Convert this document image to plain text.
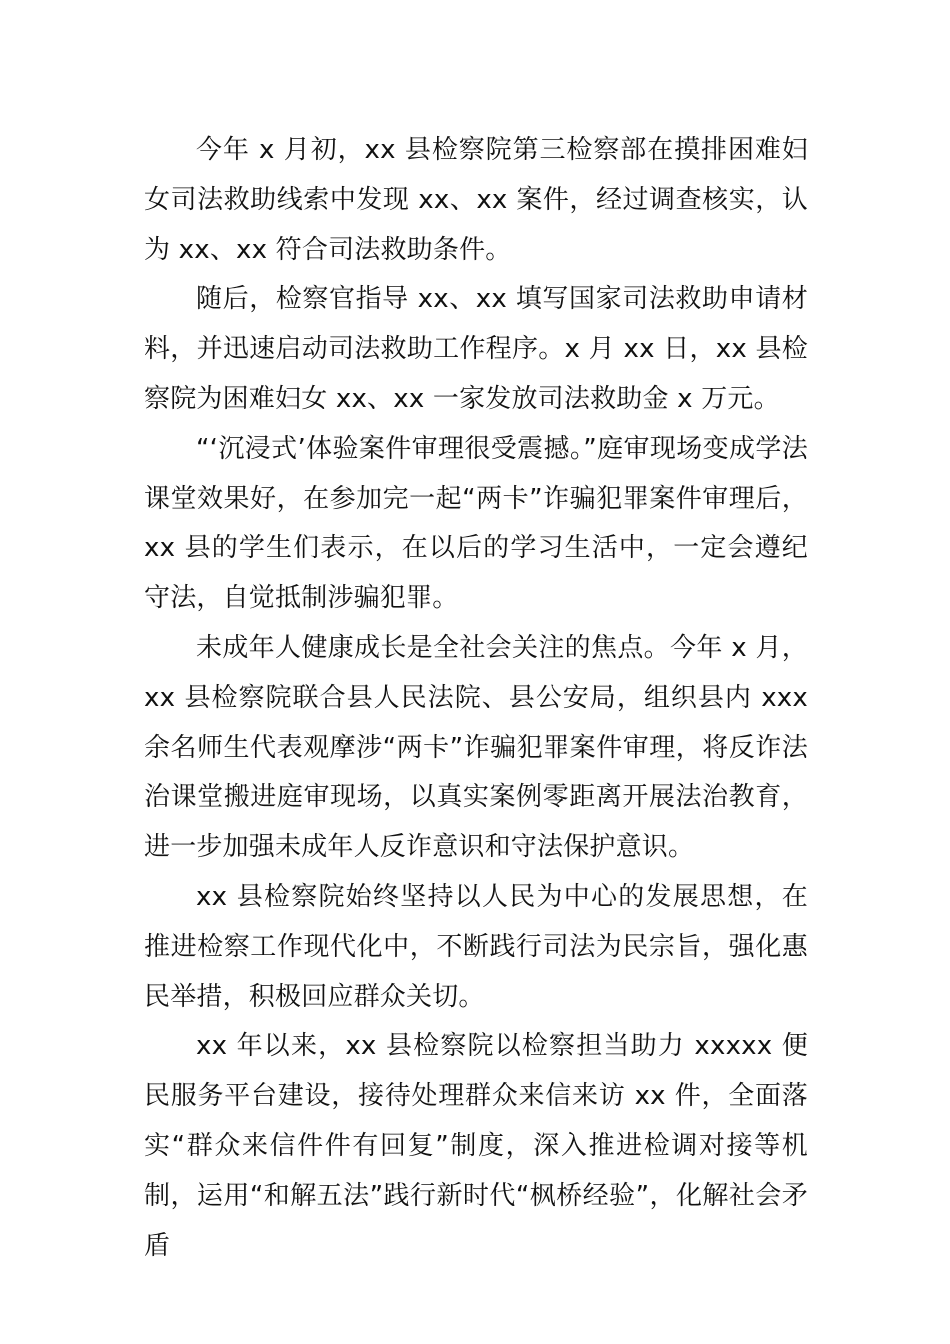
今年 x 月初，xx 县检察院第三检察部在摸排困难妇女司法救助线索中发现 xx、xx 案件，经过调查核实，认为 xx、xx 符合司法救助条件。

随后，检察官指导 xx、xx 填写国家司法救助申请材料，并迅速启动司法救助工作程序。x 月 xx 日，xx 县检察院为困难妇女 xx、xx 一家发放司法救助金 x 万元。

“‘沉浸式’体验案件审理很受震撼。”庭审现场变成学法课堂效果好，在参加完一起“两卡”诈骗犯罪案件审理后，xx 县的学生们表示，在以后的学习生活中，一定会遵纪守法，自觉抵制涉骗犯罪。

未成年人健康成长是全社会关注的焦点。今年 x 月，xx 县检察院联合县人民法院、县公安局，组织县内 xxx 余名师生代表观摩涉“两卡”诈骗犯罪案件审理，将反诈法治课堂搬进庭审现场，以真实案例零距离开展法治教育，进一步加强未成年人反诈意识和守法保护意识。

xx 县检察院始终坚持以人民为中心的发展思想，在推进检察工作现代化中，不断践行司法为民宗旨，强化惠民举措，积极回应群众关切。

xx 年以来，xx 县检察院以检察担当助力 xxxxx 便民服务平台建设，接待处理群众来信来访 xx 件，全面落实“群众来信件件有回复”制度，深入推进检调对接等机制，运用“和解五法”践行新时代“枫桥经验”，化解社会矛盾
